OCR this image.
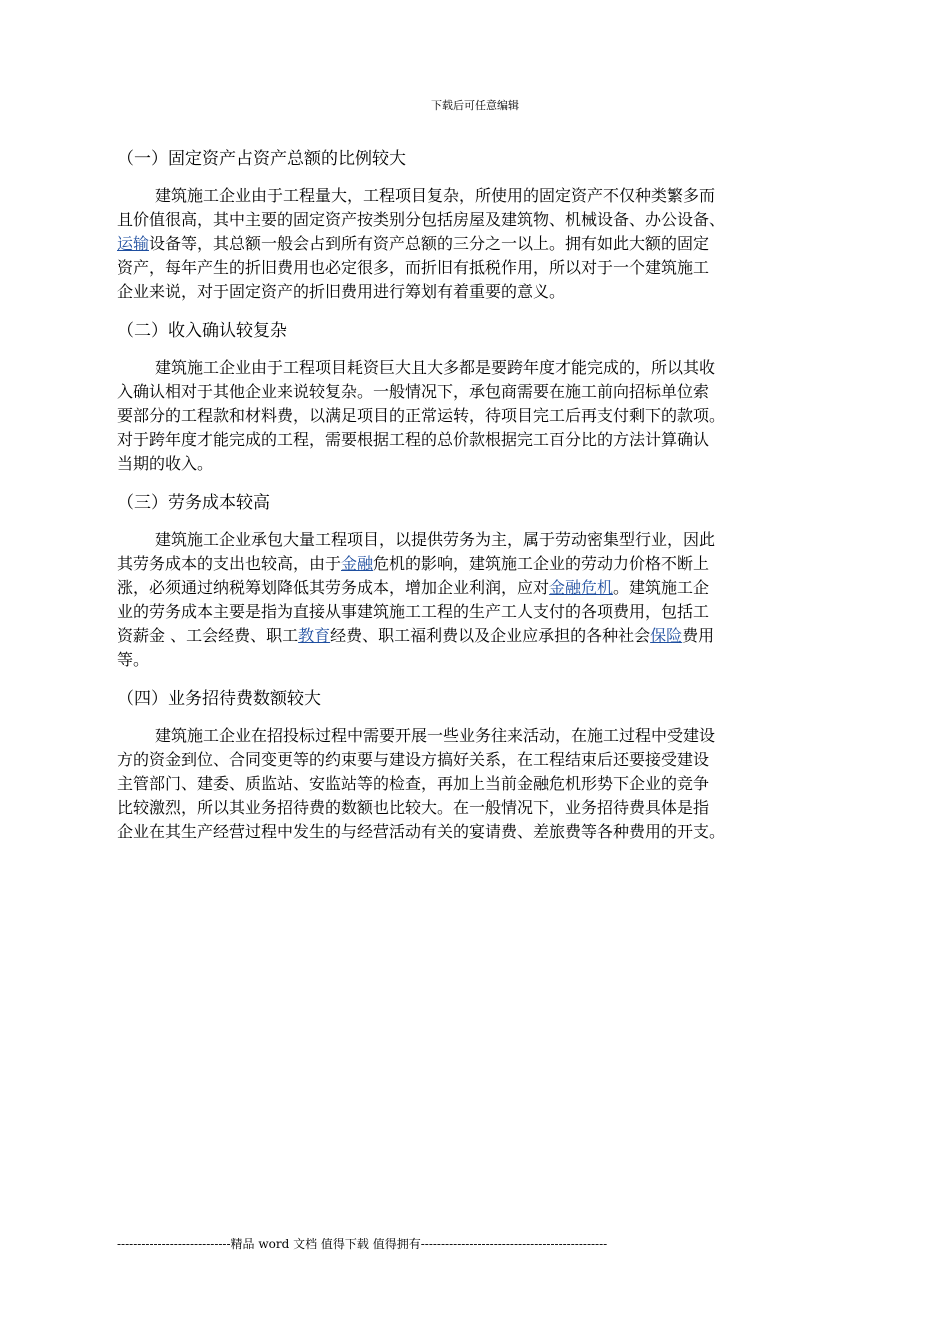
下载后可任意编辑
（一）固定资产占资产总额的比例较大
建筑施工企业由于工程量大，工程项目复杂，所使用的固定资产不仅种类繁多而
且价值很高，其中主要的固定资产按类别分包括房屋及建筑物、机械设备、办公设备、
运输设备等，其总额一般会占到所有资产总额的三分之一以上。拥有如此大额的固定
资产，每年产生的折旧费用也必定很多，而折旧有抵税作用，所以对于一个建筑施工
企业来说，对于固定资产的折旧费用进行筹划有着重要的意义。
（二）收入确认较复杂
建筑施工企业由于工程项目耗资巨大且大多都是要跨年度才能完成的，所以其收
入确认相对于其他企业来说较复杂。一般情况下，承包商需要在施工前向招标单位索
要部分的工程款和材料费，以满足项目的正常运转，待项目完工后再支付剩下的款项。
对于跨年度才能完成的工程，需要根据工程的总价款根据完工百分比的方法计算确认
当期的收入。
（三）劳务成本较高
建筑施工企业承包大量工程项目，以提供劳务为主，属于劳动密集型行业，因此
其劳务成本的支出也较高，由于金融危机的影响，建筑施工企业的劳动力价格不断上
涨，必须通过纳税筹划降低其劳务成本，增加企业利润，应对金融危机。建筑施工企
业的劳务成本主要是指为直接从事建筑施工工程的生产工人支付的各项费用，包括工
资薪金 、工会经费、职工教育经费、职工福利费以及企业应承担的各种社会保险费用
等。
（四）业务招待费数额较大
建筑施工企业在招投标过程中需要开展一些业务往来活动，在施工过程中受建设
方的资金到位、合同变更等的约束要与建设方搞好关系，在工程结束后还要接受建设
主管部门、建委、质监站、安监站等的检查，再加上当前金融危机形势下企业的竞争
比较激烈，所以其业务招待费的数额也比较大。在一般情况下，业务招待费具体是指
企业在其生产经营过程中发生的与经营活动有关的宴请费、差旅费等各种费用的开支。
----------------------------精品 word 文档 值得下载 值得拥有----------------------------------------------
